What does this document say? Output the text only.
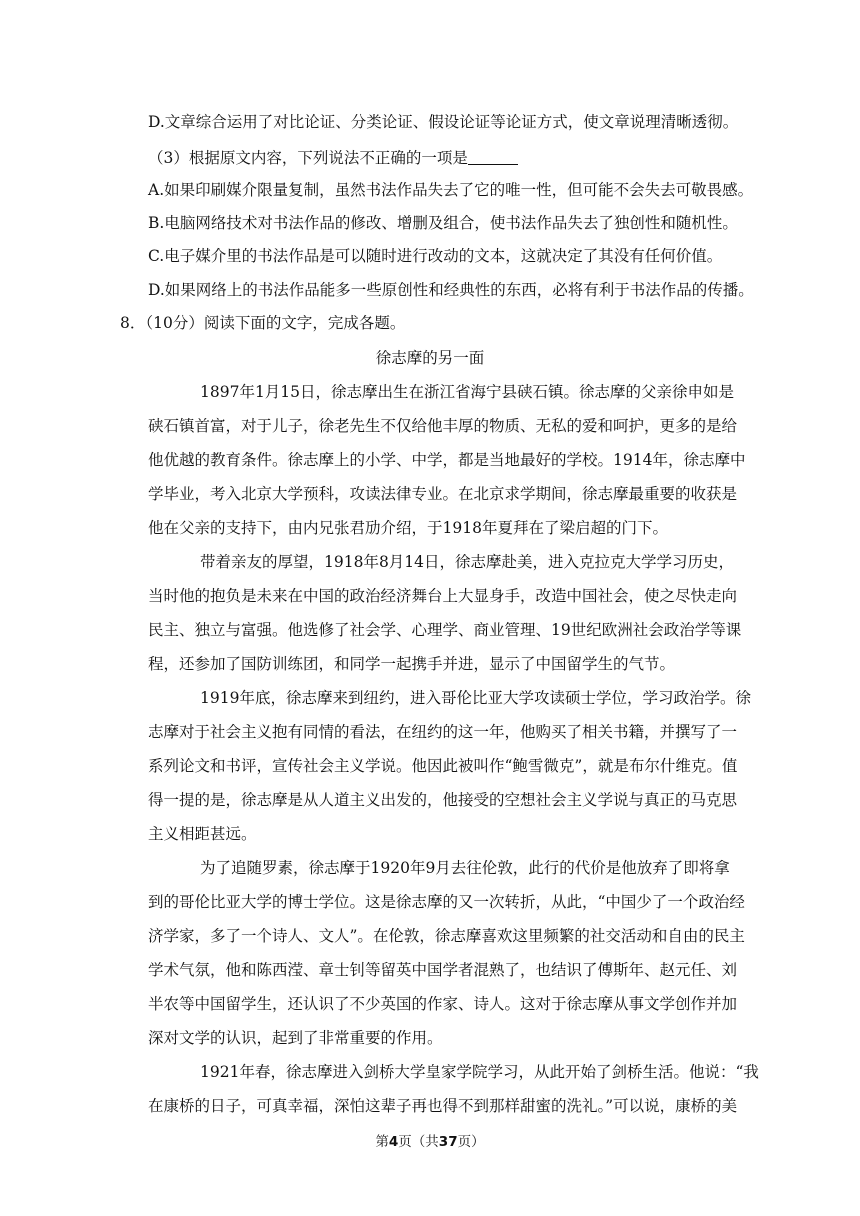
D.文章综合运用了对比论证、分类论证、假设论证等论证方式，使文章说理清晰透彻。
（3）根据原文内容，下列说法不正确的一项是
A.如果印刷媒介限量复制，虽然书法作品失去了它的唯一性，但可能不会失去可敬畏感。
B.电脑网络技术对书法作品的修改、增删及组合，使书法作品失去了独创性和随机性。
C.电子媒介里的书法作品是可以随时进行改动的文本，这就决定了其没有任何价值。
D.如果网络上的书法作品能多一些原创性和经典性的东西，必将有利于书法作品的传播。
8．（10分）阅读下面的文字，完成各题。
徐志摩的另一面
1897年1月15日，徐志摩出生在浙江省海宁县硖石镇。徐志摩的父亲徐申如是
硖石镇首富，对于儿子，徐老先生不仅给他丰厚的物质、无私的爱和呵护，更多的是给
他优越的教育条件。徐志摩上的小学、中学，都是当地最好的学校。1914年，徐志摩中
学毕业，考入北京大学预科，攻读法律专业。在北京求学期间，徐志摩最重要的收获是
他在父亲的支持下，由内兄张君劢介绍，于1918年夏拜在了梁启超的门下。
带着亲友的厚望，1918年8月14日，徐志摩赴美，进入克拉克大学学习历史，
当时他的抱负是未来在中国的政治经济舞台上大显身手，改造中国社会，使之尽快走向
民主、独立与富强。他选修了社会学、心理学、商业管理、19世纪欧洲社会政治学等课
程，还参加了国防训练团，和同学一起携手并进，显示了中国留学生的气节。
1919年底，徐志摩来到纽约，进入哥伦比亚大学攻读硕士学位，学习政治学。徐
志摩对于社会主义抱有同情的看法，在纽约的这一年，他购买了相关书籍，并撰写了一
系列论文和书评，宣传社会主义学说。他因此被叫作“鲍雪微克”，就是布尔什维克。值
得一提的是，徐志摩是从人道主义出发的，他接受的空想社会主义学说与真正的马克思
主义相距甚远。
为了追随罗素，徐志摩于1920年9月去往伦敦，此行的代价是他放弃了即将拿
到的哥伦比亚大学的博士学位。这是徐志摩的又一次转折，从此，“中国少了一个政治经
济学家，多了一个诗人、文人”。在伦敦，徐志摩喜欢这里频繁的社交活动和自由的民主
学术气氛，他和陈西滢、章士钊等留英中国学者混熟了，也结识了傅斯年、赵元任、刘
半农等中国留学生，还认识了不少英国的作家、诗人。这对于徐志摩从事文学创作并加
深对文学的认识，起到了非常重要的作用。
1921年春，徐志摩进入剑桥大学皇家学院学习，从此开始了剑桥生活。他说：“我
在康桥的日子，可真幸福，深怕这辈子再也得不到那样甜蜜的洗礼。”可以说，康桥的美
第4页（共37页）
